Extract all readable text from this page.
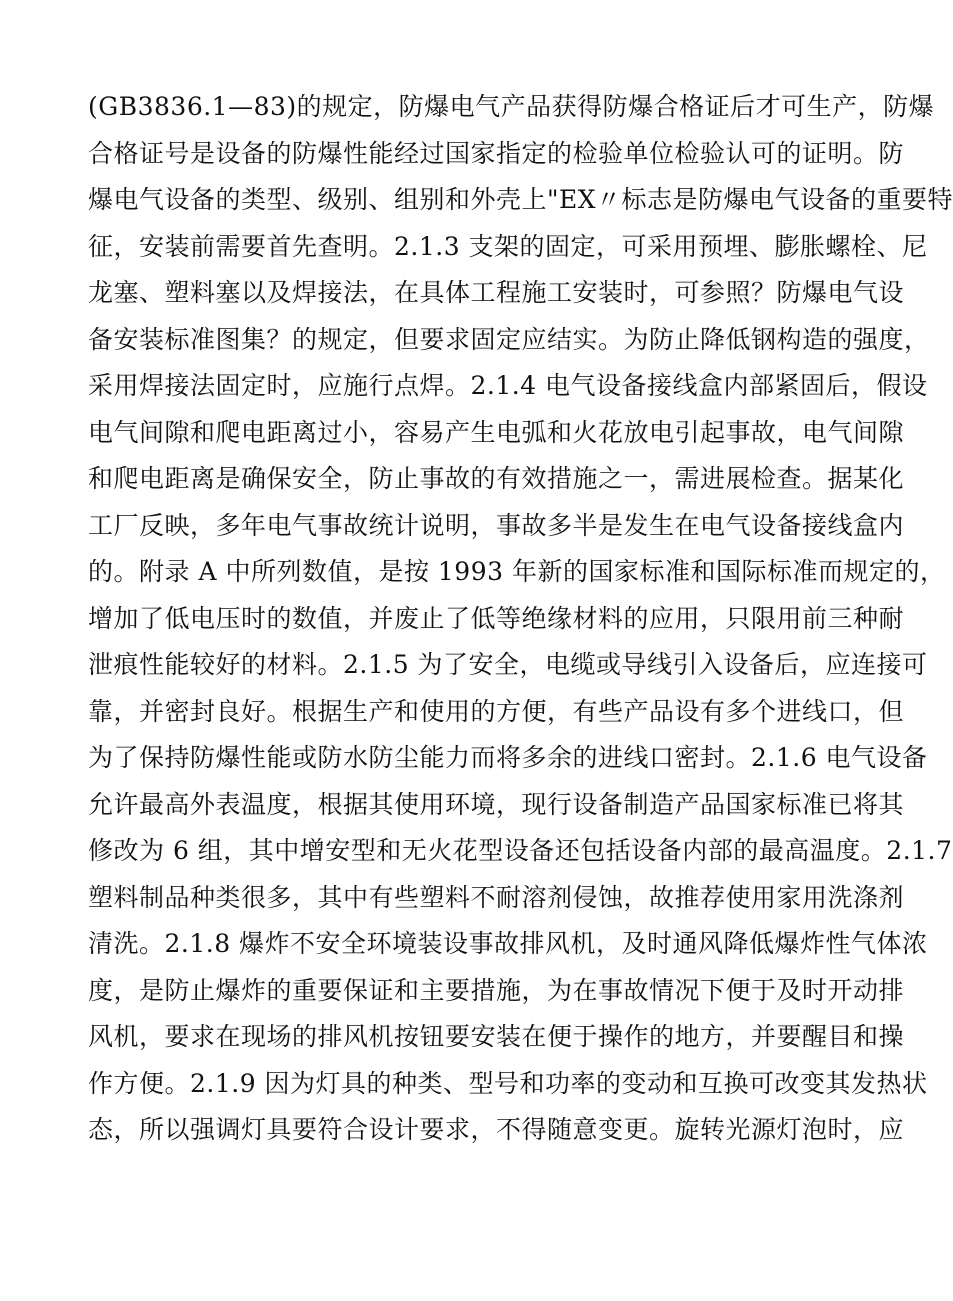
(GB3836.1—83)的规定，防爆电气产品获得防爆合格证后才可生产，防爆
合格证号是设备的防爆性能经过国家指定的检验单位检验认可的证明。防
爆电气设备的类型、级别、组别和外壳上"EX〃标志是防爆电气设备的重要特
征，安装前需要首先查明。2.1.3 支架的固定，可采用预埋、膨胀螺栓、尼
龙塞、塑料塞以及焊接法，在具体工程施工安装时，可参照？防爆电气设
备安装标准图集？的规定，但要求固定应结实。为防止降低钢构造的强度，
采用焊接法固定时，应施行点焊。2.1.4 电气设备接线盒内部紧固后，假设
电气间隙和爬电距离过小，容易产生电弧和火花放电引起事故，电气间隙
和爬电距离是确保安全，防止事故的有效措施之一，需进展检查。据某化
工厂反映，多年电气事故统计说明，事故多半是发生在电气设备接线盒内
的。附录 A 中所列数值，是按 1993 年新的国家标准和国际标准而规定的，
增加了低电压时的数值，并废止了低等绝缘材料的应用，只限用前三种耐
泄痕性能较好的材料。2.1.5 为了安全，电缆或导线引入设备后，应连接可
靠，并密封良好。根据生产和使用的方便，有些产品设有多个进线口，但
为了保持防爆性能或防水防尘能力而将多余的进线口密封。2.1.6 电气设备
允许最高外表温度，根据其使用环境，现行设备制造产品国家标准已将其
修改为 6 组，其中增安型和无火花型设备还包括设备内部的最高温度。2.1.7
塑料制品种类很多，其中有些塑料不耐溶剂侵蚀，故推荐使用家用洗涤剂
清洗。2.1.8 爆炸不安全环境装设事故排风机，及时通风降低爆炸性气体浓
度，是防止爆炸的重要保证和主要措施，为在事故情况下便于及时开动排
风机，要求在现场的排风机按钮要安装在便于操作的地方，并要醒目和操
作方便。2.1.9 因为灯具的种类、型号和功率的变动和互换可改变其发热状
态，所以强调灯具要符合设计要求，不得随意变更。旋转光源灯泡时，应
